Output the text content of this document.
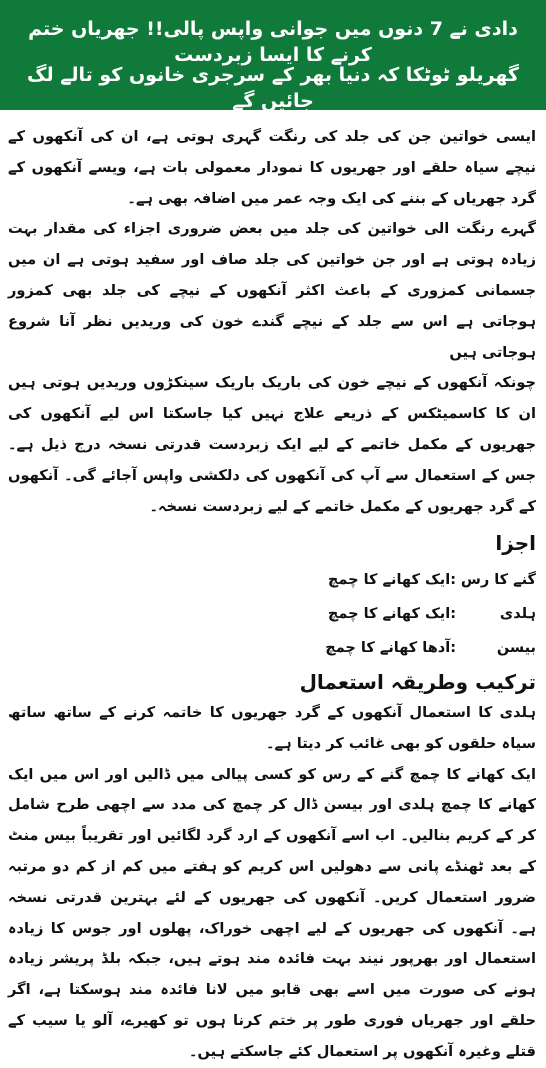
دادی نے 7 دنوں میں جوانی واپس پالی!! جھریاں ختم کرنے کا ایسا زبردست

گھریلو ٹوٹکا کہ دنیا بھر کے سرجری خانوں کو تالے لگ جائیں گے

ایسی خواتین جن کی جلد کی رنگت گہری ہوتی ہے، ان کی آنکھوں کے نیچے سیاہ حلقے اور جھریوں کا نمودار معمولی بات ہے، ویسے آنکھوں کے گرد جھریاں کے بننے کی ایک وجہ عمر میں اضافہ بھی ہے۔

گہرے رنگت الی خواتین کی جلد میں بعض ضروری اجزاء کی مقدار بہت زیادہ ہوتی ہے اور جن خواتین کی جلد صاف اور سفید ہوتی ہے ان میں جسمانی کمزوری کے باعث اکثر آنکھوں کے نیچے کی جلد بھی کمزور ہوجاتی ہے اس سے جلد کے نیچے گندے خون کی وریدیں نظر آنا شروع ہوجاتی ہیں

چونکہ آنکھوں کے نیچے خون کی باریک باریک سینکڑوں وریدیں ہوتی ہیں ان کا کاسمیٹکس کے ذریعے علاج نہیں کیا جاسکتا اس لیے آنکھوں کی جھریوں کے مکمل خاتمے کے لیے ایک زبردست قدرتی نسخہ درج ذیل ہے۔ جس کے استعمال سے آپ کی آنکھوں کی دلکشی واپس آجائے گی۔ آنکھوں کے گرد جھریوں کے مکمل خاتمے کے لیے زبردست نسخہ۔

اجزا
گنے کا رس
:ایک کھانے کا چمچ
ہلدی
:ایک کھانے کا چمچ
بیسن
:آدھا کھانے کا چمچ
ترکیب وطریقہ استعمال

ہلدی کا استعمال آنکھوں کے گرد جھریوں کا خاتمہ کرنے کے ساتھ ساتھ سیاہ حلقوں کو بھی غائب کر دیتا ہے۔

ایک کھانے کا چمچ گنے کے رس کو کسی پیالی میں ڈالیں اور اس میں ایک کھانے کا چمچ ہلدی اور بیسن ڈال کر چمچ کی مدد سے اچھی طرح شامل کر کے کریم بنالیں۔ اب اسے آنکھوں کے ارد گرد لگائیں اور تقریباً بیس منٹ کے بعد ٹھنڈے پانی سے دھولیں اس کریم کو ہفتے میں کم از کم دو مرتبہ ضرور استعمال کریں۔ آنکھوں کی جھریوں کے لئے بہترین قدرتی نسخہ ہے۔ آنکھوں کی جھریوں کے لیے اچھی خوراک، پھلوں اور جوس کا زیادہ استعمال اور بھرپور نیند بہت فائدہ مند ہوتے ہیں، جبکہ بلڈ پریشر زیادہ ہونے کی صورت میں اسے بھی قابو میں لانا فائدہ مند ہوسکتا ہے، اگر حلقے اور جھریاں فوری طور پر ختم کرنا ہوں تو کھیرے، آلو یا سیب کے قتلے وغیرہ آنکھوں پر استعمال کئے جاسکتے ہیں۔
